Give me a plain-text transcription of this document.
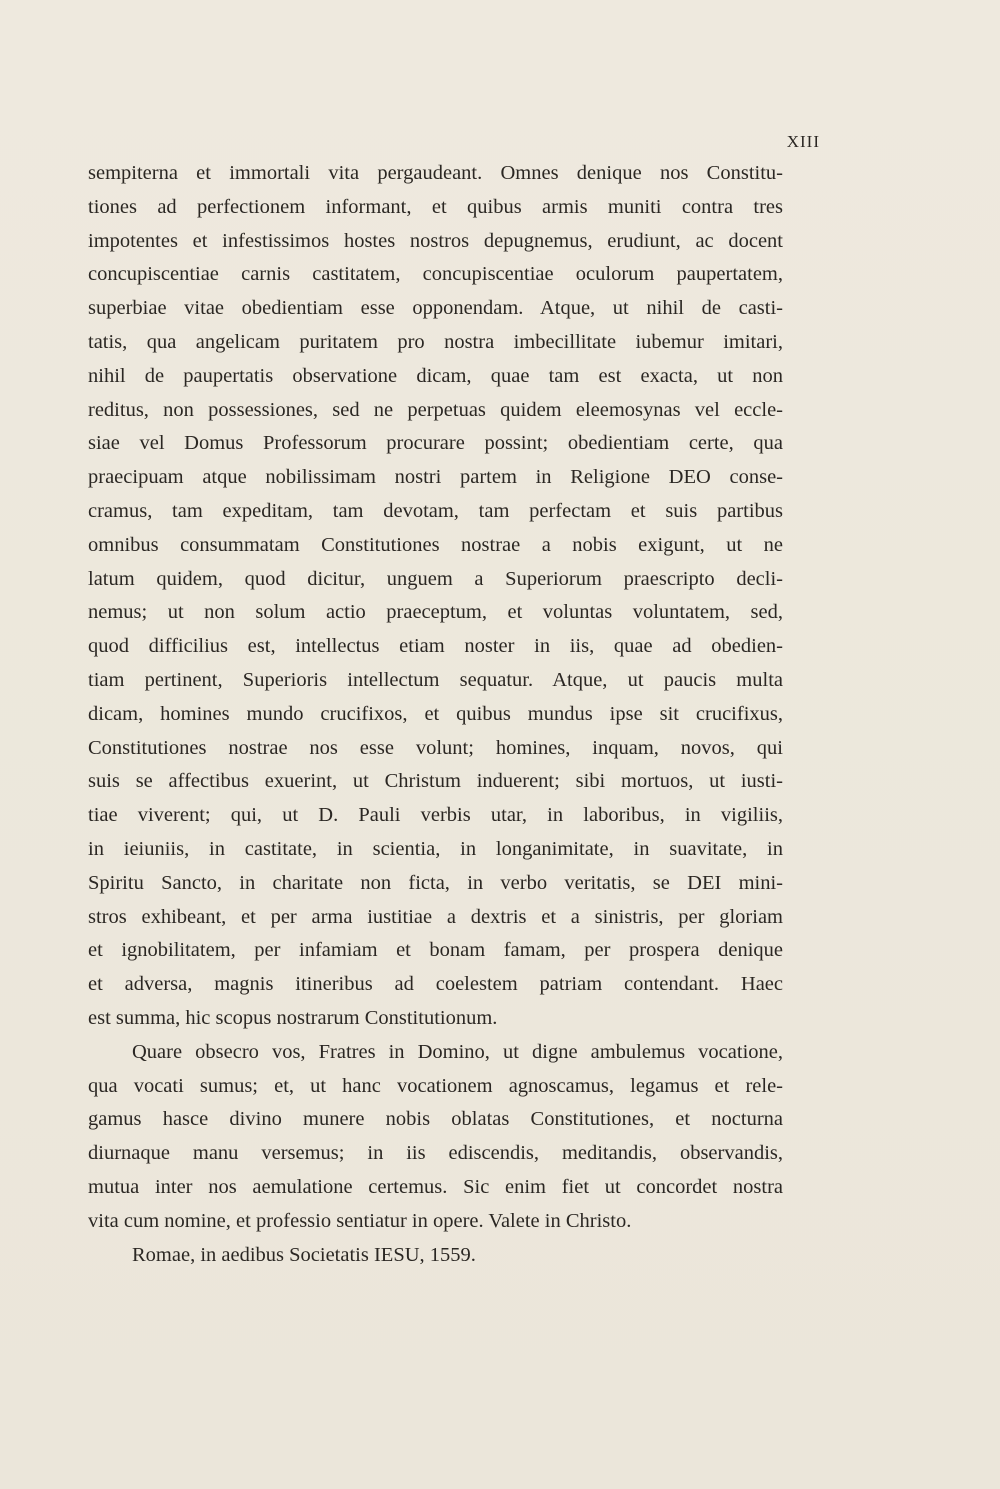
XIII
sempiterna et immortali vita pergaudeant. Omnes denique nos Constitu-
tiones ad perfectionem informant, et quibus armis muniti contra tres
impotentes et infestissimos hostes nostros depugnemus, erudiunt, ac docent
concupiscentiae carnis castitatem, concupiscentiae oculorum paupertatem,
superbiae vitae obedientiam esse opponendam. Atque, ut nihil de casti-
tatis, qua angelicam puritatem pro nostra imbecillitate iubemur imitari,
nihil de paupertatis observatione dicam, quae tam est exacta, ut non
reditus, non possessiones, sed ne perpetuas quidem eleemosynas vel eccle-
siae vel Domus Professorum procurare possint; obedientiam certe, qua
praecipuam atque nobilissimam nostri partem in Religione DEO conse-
cramus, tam expeditam, tam devotam, tam perfectam et suis partibus
omnibus consummatam Constitutiones nostrae a nobis exigunt, ut ne
latum quidem, quod dicitur, unguem a Superiorum praescripto decli-
nemus; ut non solum actio praeceptum, et voluntas voluntatem, sed,
quod difficilius est, intellectus etiam noster in iis, quae ad obedien-
tiam pertinent, Superioris intellectum sequatur. Atque, ut paucis multa
dicam, homines mundo crucifixos, et quibus mundus ipse sit crucifixus,
Constitutiones nostrae nos esse volunt; homines, inquam, novos, qui
suis se affectibus exuerint, ut Christum induerent; sibi mortuos, ut iusti-
tiae viverent; qui, ut D. Pauli verbis utar, in laboribus, in vigiliis,
in ieiuniis, in castitate, in scientia, in longanimitate, in suavitate, in
Spiritu Sancto, in charitate non ficta, in verbo veritatis, se DEI mini-
stros exhibeant, et per arma iustitiae a dextris et a sinistris, per gloriam
et ignobilitatem, per infamiam et bonam famam, per prospera denique
et adversa, magnis itineribus ad coelestem patriam contendant. Haec
est summa, hic scopus nostrarum Constitutionum.
Quare obsecro vos, Fratres in Domino, ut digne ambulemus vocatione,
qua vocati sumus; et, ut hanc vocationem agnoscamus, legamus et rele-
gamus hasce divino munere nobis oblatas Constitutiones, et nocturna
diurnaque manu versemus; in iis ediscendis, meditandis, observandis,
mutua inter nos aemulatione certemus. Sic enim fiet ut concordet nostra
vita cum nomine, et professio sentiatur in opere. Valete in Christo.
Romae, in aedibus Societatis IESU, 1559.
